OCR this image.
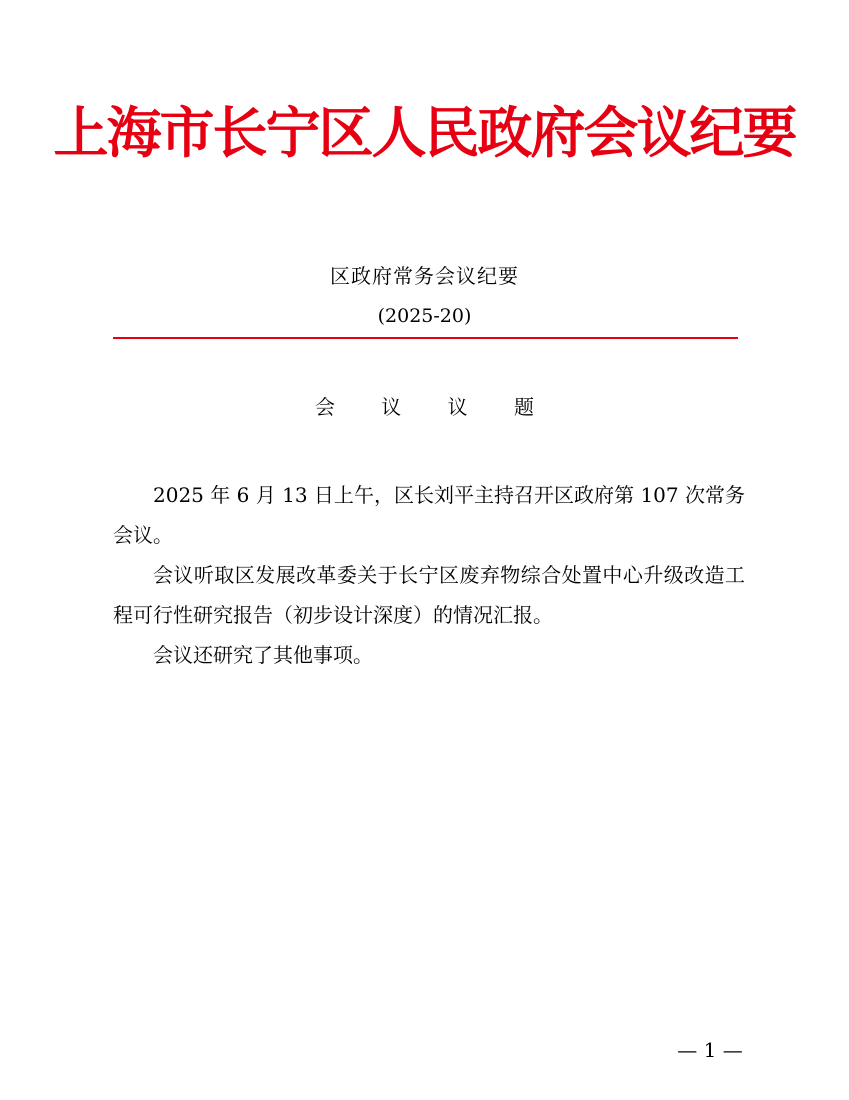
上海市长宁区人民政府会议纪要
区政府常务会议纪要
(2025-20)
会 议 议 题

2025 年 6 月 13 日上午，区长刘平主持召开区政府第 107 次常务会议。

会议听取区发展改革委关于长宁区废弃物综合处置中心升级改造工程可行性研究报告（初步设计深度）的情况汇报。

会议还研究了其他事项。

— 1 —
